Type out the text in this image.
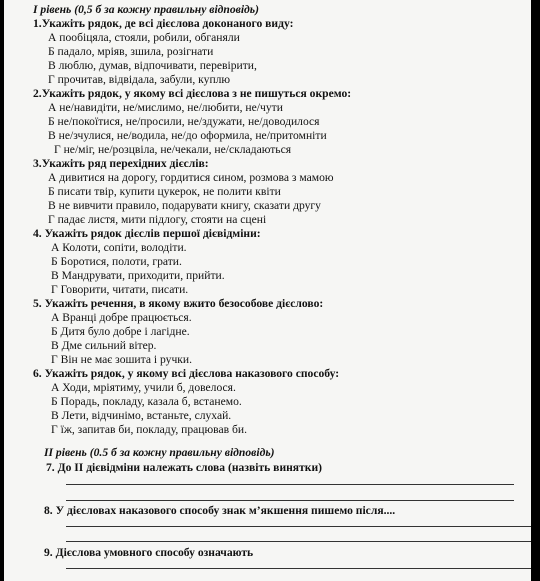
I рівень (0,5 б за кожну правильну відповідь)
1.Укажіть рядок, де всі дієслова доконаного виду:
А пообіцяла, стояли, робили, обганяли
Б падало, мріяв, зшила, розігнати
В люблю, думав, відпочивати, перевірити,
Г прочитав, відвідала, забули, куплю
2.Укажіть рядок, у якому всі дієслова з не пишуться окремо:
А не/навидіти, не/мислимо, не/любити, не/чути
Б не/покоїтися, не/просили, не/здужати, не/доводилося
В не/зчулися, не/водила, не/до оформила, не/притомніти
Г не/міг, не/розцвіла, не/чекали, не/складаються
3.Укажіть ряд перехідних дієслів:
А дивитися на дорогу, гордитися сином, розмова з мамою
Б писати твір, купити цукерок, не полити квіти
В не вивчити правило, подарувати книгу, сказати другу
Г падає листя, мити підлогу, стояти на сцені
4. Укажіть рядок дієслів першої дієвідміни:
А Колоти, сопіти, володіти.
Б Боротися, полоти, грати.
В Мандрувати, приходити, прийти.
Г Говорити, читати, писати.
5. Укажіть речення, в якому вжито безособове дієслово:
А Вранці добре працюється.
Б Дитя було добре і лагідне.
В Дме сильний вітер.
Г Він не має зошита і ручки.
6. Укажіть рядок, у якому всі дієслова наказового способу:
А Ходи, мріятиму, учили б, довелося.
Б Порадь, покладу, казала б, встанемо.
В Лети, відчинімо, встаньте, слухай.
Г їж, запитав би, покладу, працював би.
ІІ рівень (0.5 б за кожну правильну відповідь)
7. До ІІ дієвідміни належать слова (назвіть винятки)
8. У дієсловах наказового способу знак м’якшення пишемо після....
9. Дієслова умовного способу означають
